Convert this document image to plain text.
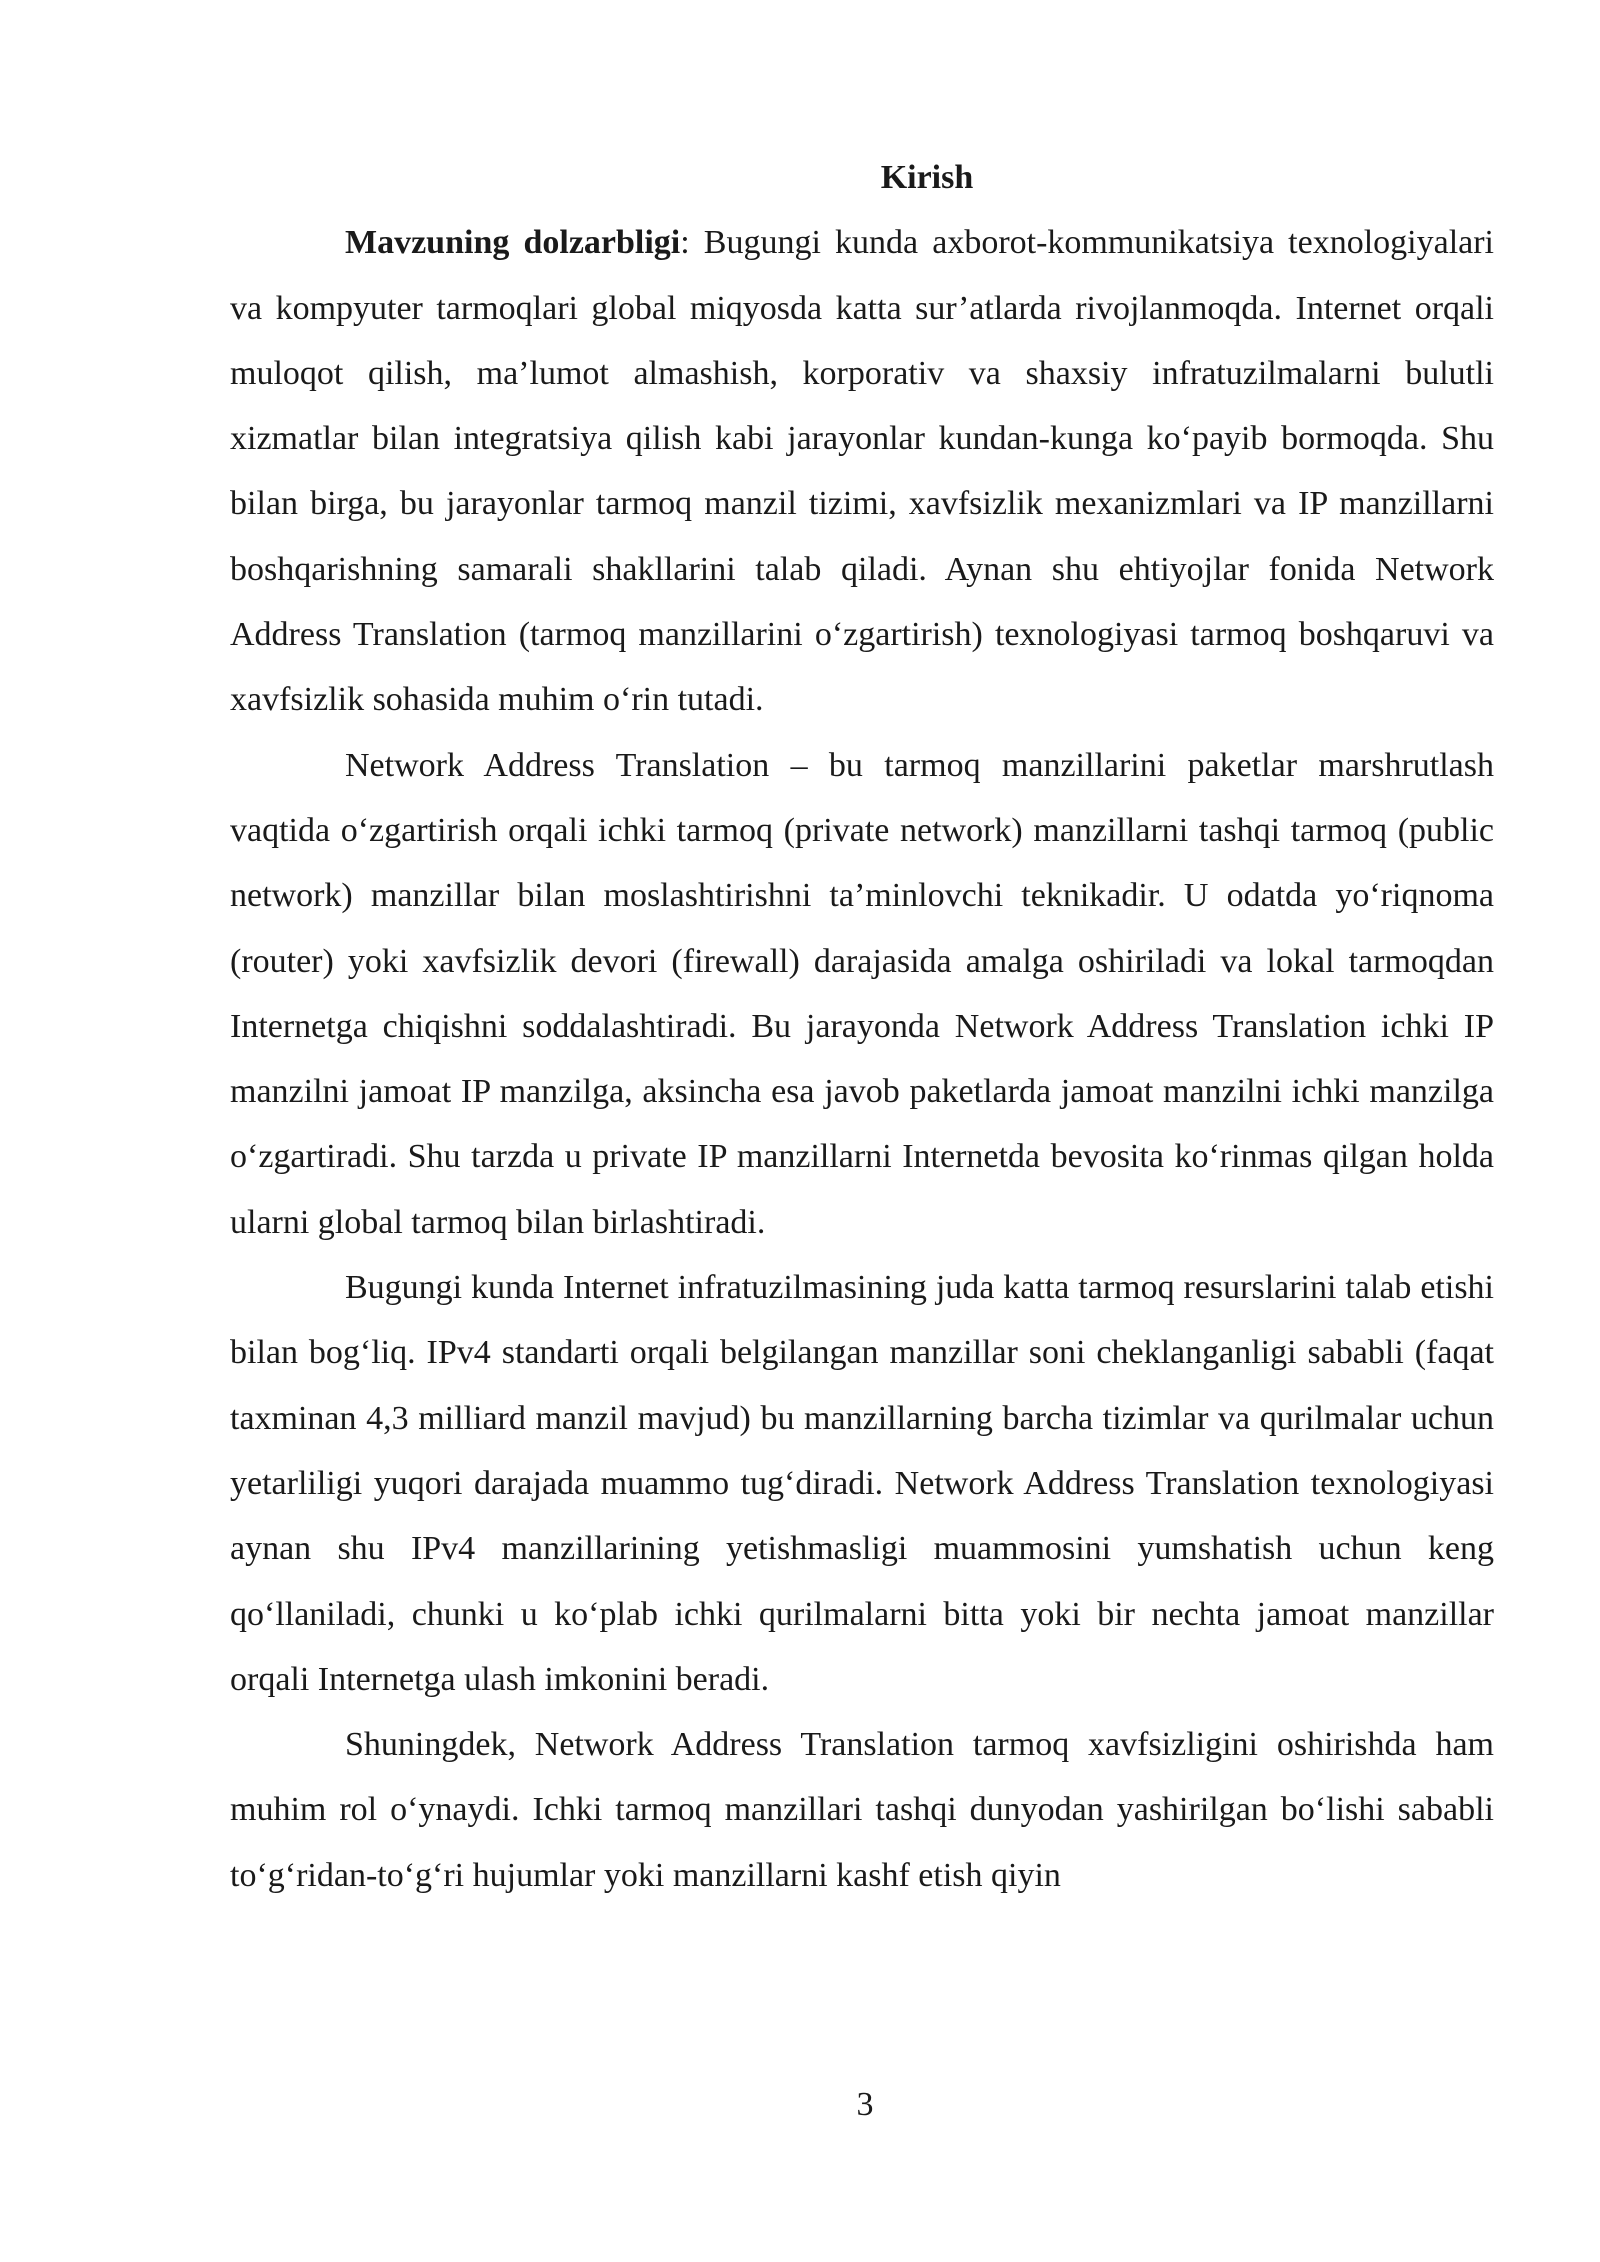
Kirish

Mavzuning dolzarbligi: Bugungi kunda axborot-kommunikatsiya texnologiyalari va kompyuter tarmoqlari global miqyosda katta sur’atlarda rivojlanmoqda. Internet orqali muloqot qilish, ma’lumot almashish, korporativ va shaxsiy infratuzilmalarni bulutli xizmatlar bilan integratsiya qilish kabi jarayonlar kundan-kunga ko‘payib bormoqda. Shu bilan birga, bu jarayonlar tarmoq manzil tizimi, xavfsizlik mexanizmlari va IP manzillarni boshqarishning samarali shakllarini talab qiladi. Aynan shu ehtiyojlar fonida Network Address Translation (tarmoq manzillarini o‘zgartirish) texnologiyasi tarmoq boshqaruvi va xavfsizlik sohasida muhim o‘rin tutadi.

Network Address Translation – bu tarmoq manzillarini paketlar marshrutlash vaqtida o‘zgartirish orqali ichki tarmoq (private network) manzillarni tashqi tarmoq (public network) manzillar bilan moslashtirishni ta’minlovchi teknikadir. U odatda yo‘riqnoma (router) yoki xavfsizlik devori (firewall) darajasida amalga oshiriladi va lokal tarmoqdan Internetga chiqishni soddalashtiradi. Bu jarayonda Network Address Translation ichki IP manzilni jamoat IP manzilga, aksincha esa javob paketlarda jamoat manzilni ichki manzilga o‘zgartiradi. Shu tarzda u private IP manzillarni Internetda bevosita ko‘rinmas qilgan holda ularni global tarmoq bilan birlashtiradi.

Bugungi kunda Internet infratuzilmasining juda katta tarmoq resurslarini talab etishi bilan bog‘liq. IPv4 standarti orqali belgilangan manzillar soni cheklanganligi sababli (faqat taxminan 4,3 milliard manzil mavjud) bu manzillarning barcha tizimlar va qurilmalar uchun yetarliligi yuqori darajada muammo tug‘diradi. Network Address Translation texnologiyasi aynan shu IPv4 manzillarining yetishmasligi muammosini yumshatish uchun keng qo‘llaniladi, chunki u ko‘plab ichki qurilmalarni bitta yoki bir nechta jamoat manzillar orqali Internetga ulash imkonini beradi.

Shuningdek, Network Address Translation tarmoq xavfsizligini oshirishda ham muhim rol o‘ynaydi. Ichki tarmoq manzillari tashqi dunyodan yashirilgan bo‘lishi sababli to‘g‘ridan-to‘g‘ri hujumlar yoki manzillarni kashf etish qiyin

3
